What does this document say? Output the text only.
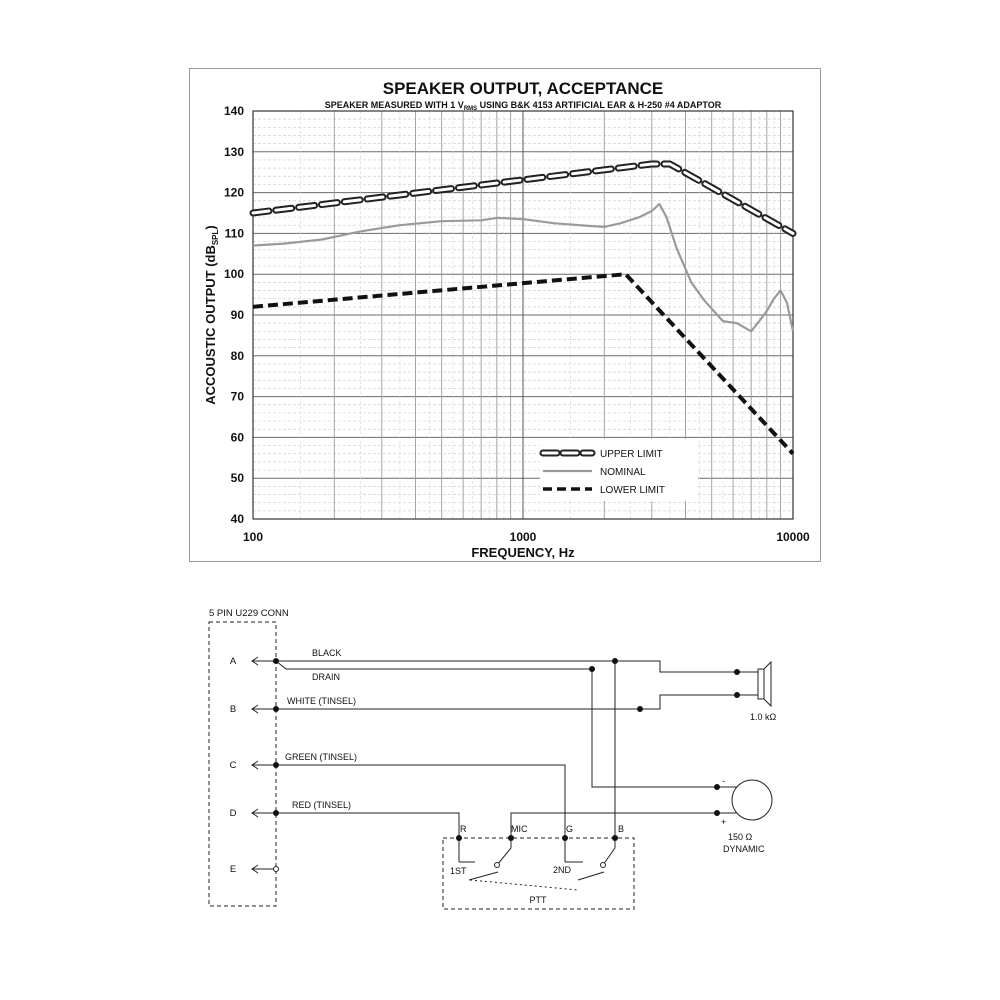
40
50
60
70
80
90
100
110
120
130
140
100	1000	10000
SPEAKER OUTPUT, ACCEPTANCE
SPEAKER MEASURED WITH 1 $V_{RMS}$ USING B&K 4153 ARTIFICIAL EAR & H-250 #4 ADAPTOR
FREQUENCY, Hz
ACCOUSTIC OUTPUT $(dB_{SPL})$
UPPER LIMIT
NOMINAL
LOWER LIMIT
5 PIN U229 CONN
A
B
C
D
E
BLACK
DRAIN
WHITE (TINSEL)
GREEN (TINSEL)
RED (TINSEL)
1.0 kΩ
150 Ω
DYNAMIC
-
+
R	MIC	G	B
1ST	2ND
PTT
